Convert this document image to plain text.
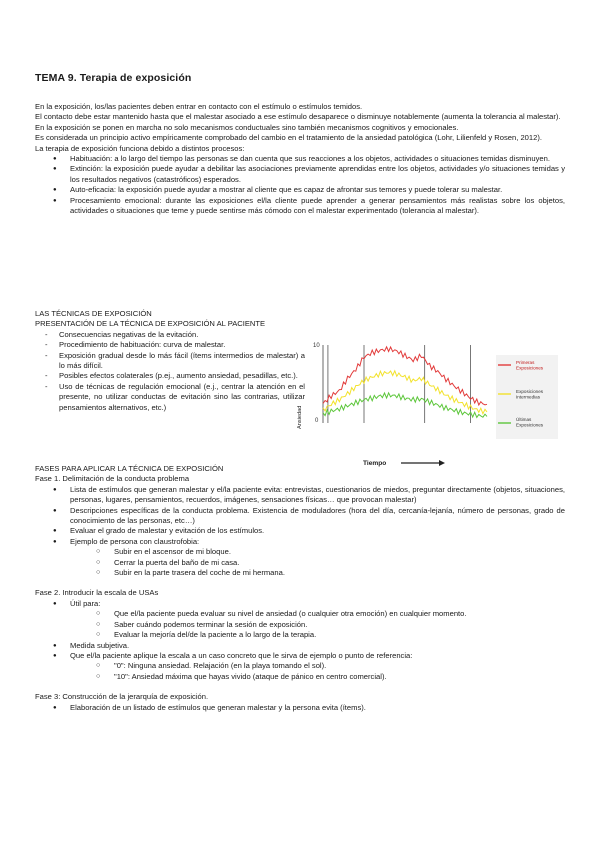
TEMA 9. Terapia de exposición

En la exposición, los/las pacientes deben entrar en contacto con el estímulo o estímulos temidos.

El contacto debe estar mantenido hasta que el malestar asociado a ese estímulo desaparece o disminuye notablemente (aumenta la tolerancia al malestar).

En la exposición se ponen en marcha no solo mecanismos conductuales sino también mecanismos cognitivos y emocionales.

Es considerada un principio activo empíricamente comprobado del cambio en el tratamiento de la ansiedad patológica (Lohr, Lilienfeld y Rosen, 2012).

La terapia de exposición funciona debido a distintos procesos:

● Habituación: a lo largo del tiempo las personas se dan cuenta que sus reacciones a los objetos, actividades o situaciones temidas disminuyen.
● Extinción: la exposición puede ayudar a debilitar las asociaciones previamente aprendidas entre los objetos, actividades y/o situaciones temidas y los resultados negativos (catastróficos) esperados.
● Auto-eficacia: la exposición puede ayudar a mostrar al cliente que es capaz de afrontar sus temores y puede tolerar su malestar.
● Procesamiento emocional: durante las exposiciones el/la cliente puede aprender a generar pensamientos más realistas sobre los objetos, actividades o situaciones que teme y puede sentirse más cómodo con el malestar experimentado (tolerancia al malestar).

LAS TÉCNICAS DE EXPOSICIÓN

PRESENTACIÓN DE LA TÉCNICA DE EXPOSICIÓN AL PACIENTE

- Consecuencias negativas de la evitación.
- Procedimiento de habituación: curva de malestar.
- Exposición gradual desde lo más fácil (ítems intermedios de malestar) a lo más difícil.
- Posibles efectos colaterales (p.ej., aumento ansiedad, pesadillas, etc.).
- Uso de técnicas de regulación emocional (e.j., centrar la atención en el presente, no utilizar conductas de evitación sino las contrarias, utilizar pensamientos alternativos, etc.)
10
0
Ansiedad
Tiempo
Primeras Exposiciones
Exposiciones Intermedias
Últimas Exposiciones

FASES PARA APLICAR LA TÉCNICA DE EXPOSICIÓN

Fase 1. Delimitación de la conducta problema

● Lista de estímulos que generan malestar y el/la paciente evita: entrevistas, cuestionarios de miedos, preguntar directamente (objetos, situaciones, personas, lugares, pensamientos, recuerdos, imágenes, sensaciones físicas… que provocan malestar)
● Descripciones específicas de la conducta problema. Existencia de moduladores (hora del día, cercanía-lejanía, número de personas, grado de conocimiento de las personas, etc…)
● Evaluar el grado de malestar y evitación de los estímulos.
● Ejemplo de persona con claustrofobia:
○ Subir en el ascensor de mi bloque.
○ Cerrar la puerta del baño de mi casa.
○ Subir en la parte trasera del coche de mi hermana.

Fase 2. Introducir la escala de USAs

● Útil para:
○ Que el/la paciente pueda evaluar su nivel de ansiedad (o cualquier otra emoción) en cualquier momento.
○ Saber cuándo podemos terminar la sesión de exposición.
○ Evaluar la mejoría del/de la paciente a lo largo de la terapia.
● Medida subjetiva.
● Que el/la paciente aplique la escala a un caso concreto que le sirva de ejemplo o punto de referencia:
○ "0": Ninguna ansiedad. Relajación (en la playa tomando el sol).
○ "10": Ansiedad máxima que hayas vivido (ataque de pánico en centro comercial).

Fase 3: Construcción de la jerarquía de exposición.

● Elaboración de un listado de estímulos que generan malestar y la persona evita (ítems).
